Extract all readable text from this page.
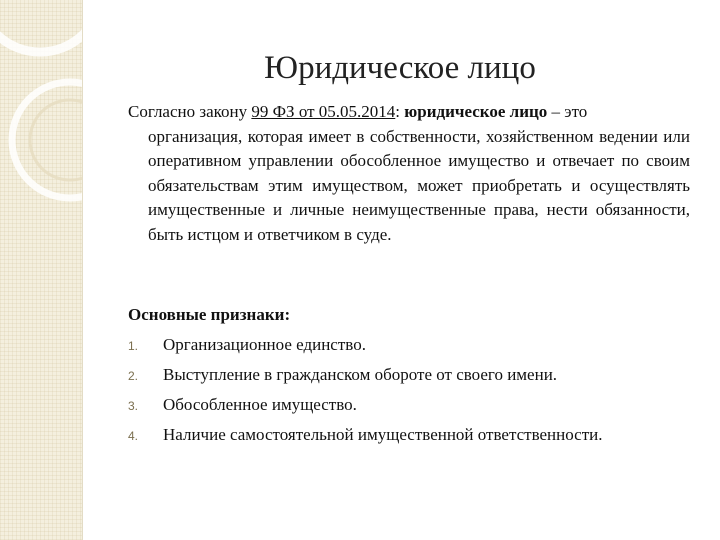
Юридическое лицо

Согласно закону 99 ФЗ от 05.05.2014: юридическое лицо – это
организация, которая имеет в собственности, хозяйственном ведении или оперативном управлении обособленное имущество и отвечает по своим обязательствам этим имуществом, может приобретать и осуществлять имущественные и личные неимущественные права, нести обязанности, быть истцом и ответчиком в суде.

Основные признаки:

1. Организационное единство.
2. Выступление в гражданском обороте от своего имени.
3. Обособленное имущество.
4. Наличие самостоятельной имущественной ответственности.
